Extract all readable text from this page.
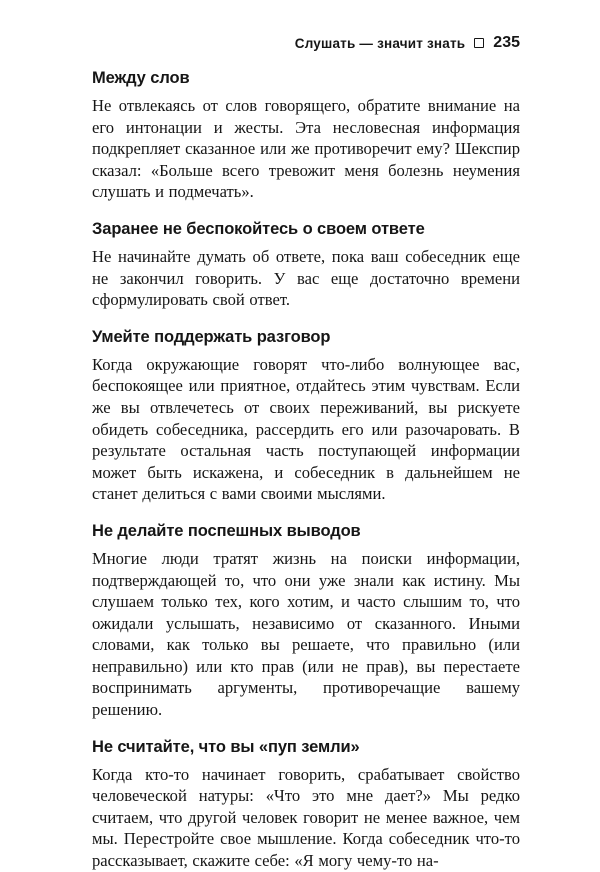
Слушать — значит знать 235
Между слов

Не отвлекаясь от слов говорящего, обратите внимание на его интонации и жесты. Эта несловесная информация подкрепляет сказанное или же противоречит ему? Шекспир сказал: «Больше всего тревожит меня болезнь неумения слушать и подмечать».

Заранее не беспокойтесь о своем ответе

Не начинайте думать об ответе, пока ваш собеседник еще не закончил говорить. У вас еще достаточно времени сформулировать свой ответ.

Умейте поддержать разговор

Когда окружающие говорят что-либо волнующее вас, беспокоящее или приятное, отдайтесь этим чувствам. Если же вы отвлечетесь от своих переживаний, вы рискуете обидеть собеседника, рассердить его или разочаровать. В результате остальная часть поступающей информации может быть искажена, и собеседник в дальнейшем не станет делиться с вами своими мыслями.

Не делайте поспешных выводов

Многие люди тратят жизнь на поиски информации, подтверждающей то, что они уже знали как истину. Мы слушаем только тех, кого хотим, и часто слышим то, что ожидали услышать, независимо от сказанного. Иными словами, как только вы решаете, что правильно (или неправильно) или кто прав (или не прав), вы перестаете воспринимать аргументы, противоречащие вашему решению.

Не считайте, что вы «пуп земли»

Когда кто-то начинает говорить, срабатывает свойство человеческой натуры: «Что это мне дает?» Мы редко считаем, что другой человек говорит не менее важное, чем мы. Перестройте свое мышление. Когда собеседник что-то рассказывает, скажите себе: «Я могу чему-то на-
